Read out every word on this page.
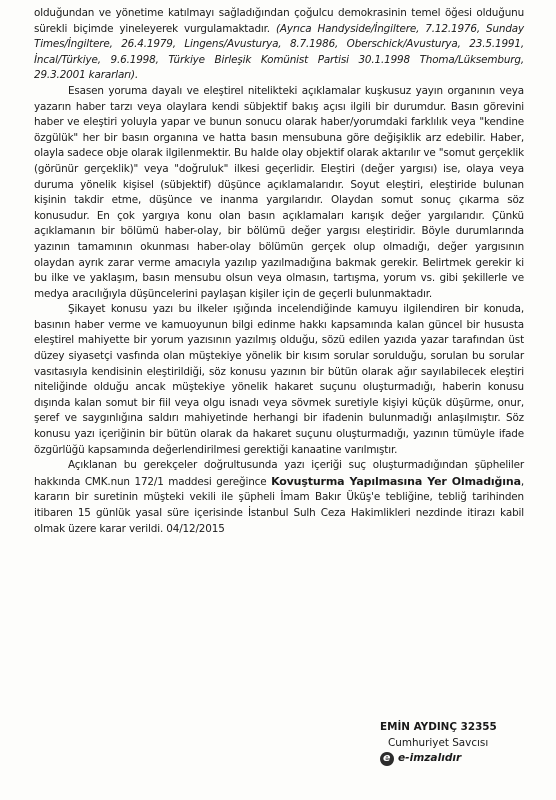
olduğundan ve yönetime katılmayı sağladığından çoğulcu demokrasinin temel öğesi olduğunu sürekli biçimde yineleyerek vurgulamaktadır. (Ayrıca Handyside/İngiltere, 7.12.1976, Sunday Times/İngiltere, 26.4.1979, Lingens/Avusturya, 8.7.1986, Oberschick/Avusturya, 23.5.1991, İncal/Türkiye, 9.6.1998, Türkiye Birleşik Komünist Partisi 30.1.1998 Thoma/Lüksemburg, 29.3.2001 kararları).

Esasen yoruma dayalı ve eleştirel nitelikteki açıklamalar kuşkusuz yayın organının veya yazarın haber tarzı veya olaylara kendi sübjektif bakış açısı ilgili bir durumdur. Basın görevini haber ve eleştiri yoluyla yapar ve bunun sonucu olarak haber/yorumdaki farklılık veya "kendine özgülük" her bir basın organına ve hatta basın mensubuna göre değişiklik arz edebilir. Haber, olayla sadece obje olarak ilgilenmektir. Bu halde olay objektif olarak aktarılır ve "somut gerçeklik (görünür gerçeklik)" veya "doğruluk" ilkesi geçerlidir. Eleştiri (değer yargısı) ise, olaya veya duruma yönelik kişisel (sübjektif) düşünce açıklamalarıdır. Soyut eleştiri, eleştiride bulunan kişinin takdir etme, düşünce ve inanma yargılarıdır. Olaydan somut sonuç çıkarma söz konusudur. En çok yargıya konu olan basın açıklamaları karışık değer yargılarıdır. Çünkü açıklamanın bir bölümü haber-olay, bir bölümü değer yargısı eleştiridir. Böyle durumlarında yazının tamamının okunması haber-olay bölümün gerçek olup olmadığı, değer yargısının olaydan ayrık zarar verme amacıyla yazılıp yazılmadığına bakmak gerekir. Belirtmek gerekir ki bu ilke ve yaklaşım, basın mensubu olsun veya olmasın, tartışma, yorum vs. gibi şekillerle ve medya aracılığıyla düşüncelerini paylaşan kişiler için de geçerli bulunmaktadır.

Şikayet konusu yazı bu ilkeler ışığında incelendiğinde kamuyu ilgilendiren bir konuda, basının haber verme ve kamuoyunun bilgi edinme hakkı kapsamında kalan güncel bir hususta eleştirel mahiyette bir yorum yazısının yazılmış olduğu, sözü edilen yazıda yazar tarafından üst düzey siyasetçi vasfında olan müştekiye yönelik bir kısım sorular sorulduğu, sorulan bu sorular vasıtasıyla kendisinin eleştirildiği, söz konusu yazının bir bütün olarak ağır sayılabilecek eleştiri niteliğinde olduğu ancak müştekiye yönelik hakaret suçunu oluşturmadığı, haberin konusu dışında kalan somut bir fiil veya olgu isnadı veya sövmek suretiyle kişiyi küçük düşürme, onur, şeref ve saygınlığına saldırı mahiyetinde herhangi bir ifadenin bulunmadığı anlaşılmıştır. Söz konusu yazı içeriğinin bir bütün olarak da hakaret suçunu oluşturmadığı, yazının tümüyle ifade özgürlüğü kapsamında değerlendirilmesi gerektiği kanaatine varılmıştır.

Açıklanan bu gerekçeler doğrultusunda yazı içeriği suç oluşturmadığından şüpheliler hakkında CMK.nun 172/1 maddesi gereğince Kovuşturma Yapılmasına Yer Olmadığına, kararın bir suretinin müşteki vekili ile şüpheli İmam Bakır Üküş'e tebliğine, tebliğ tarihinden itibaren 15 günlük yasal süre içerisinde İstanbul Sulh Ceza Hakimlikleri nezdinde itirazı kabil olmak üzere karar verildi. 04/12/2015

EMİN AYDINÇ 32355
Cumhuriyet Savcısı
e
e-imzalıdır
